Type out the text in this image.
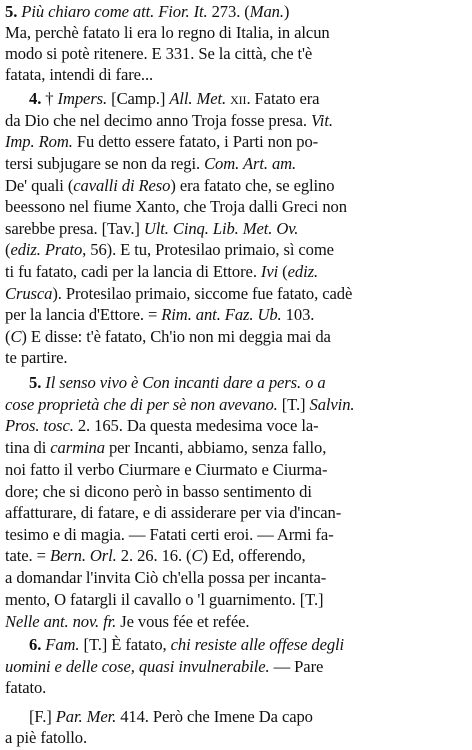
5. Più chiaro come att. Fior. It. 273. (Man.)
Ma, perchè fatato li era lo regno di Italia, in alcun
modo si potè ritenere. E 331. Se la città, che t'è
fatata, intendi di fare...
4. † Impers. [Camp.] All. Met. xii. Fatato era
da Dio che nel decimo anno Troja fosse presa. Vit.
Imp. Rom. Fu detto essere fatato, i Parti non po-
tersi subjugare se non da regi. Com. Art. am.
De' quali (cavalli di Reso) era fatato che, se eglino
beessono nel fiume Xanto, che Troja dalli Greci non
sarebbe presa. [Tav.] Ult. Cinq. Lib. Met. Ov.
(ediz. Prato, 56). E tu, Protesilao primaio, sì come
ti fu fatato, cadi per la lancia di Ettore. Ivi (ediz.
Crusca). Protesilao primaio, siccome fue fatato, cadè
per la lancia d'Ettore. = Rim. ant. Faz. Ub. 103.
(C) E disse: t'è fatato, Ch'io non mi deggia mai da
te partire.
5. Il senso vivo è Con incanti dare a pers. o a
cose proprietà che di per sè non avevano. [T.] Salvin.
Pros. tosc. 2. 165. Da questa medesima voce la-
tina di carmina per Incanti, abbiamo, senza fallo,
noi fatto il verbo Ciurmare e Ciurmato e Ciurma-
dore; che si dicono però in basso sentimento di
affatturare, di fatare, e di assiderare per via d'incan-
tesimo e di magia. — Fatati certi eroi. — Armi fa-
tate. = Bern. Orl. 2. 26. 16. (C) Ed, offerendo,
a domandar l'invita Ciò ch'ella possa per incanta-
mento, O fatargli il cavallo o 'l guarnimento. [T.]
Nelle ant. nov. fr. Je vous fée et refée.
6. Fam. [T.] È fatato, chi resiste alle offese degli
uomini e delle cose, quasi invulnerabile. — Pare
fatato.
[F.] Par. Mer. 414. Però che Imene Da capo
a piè fatollo.
